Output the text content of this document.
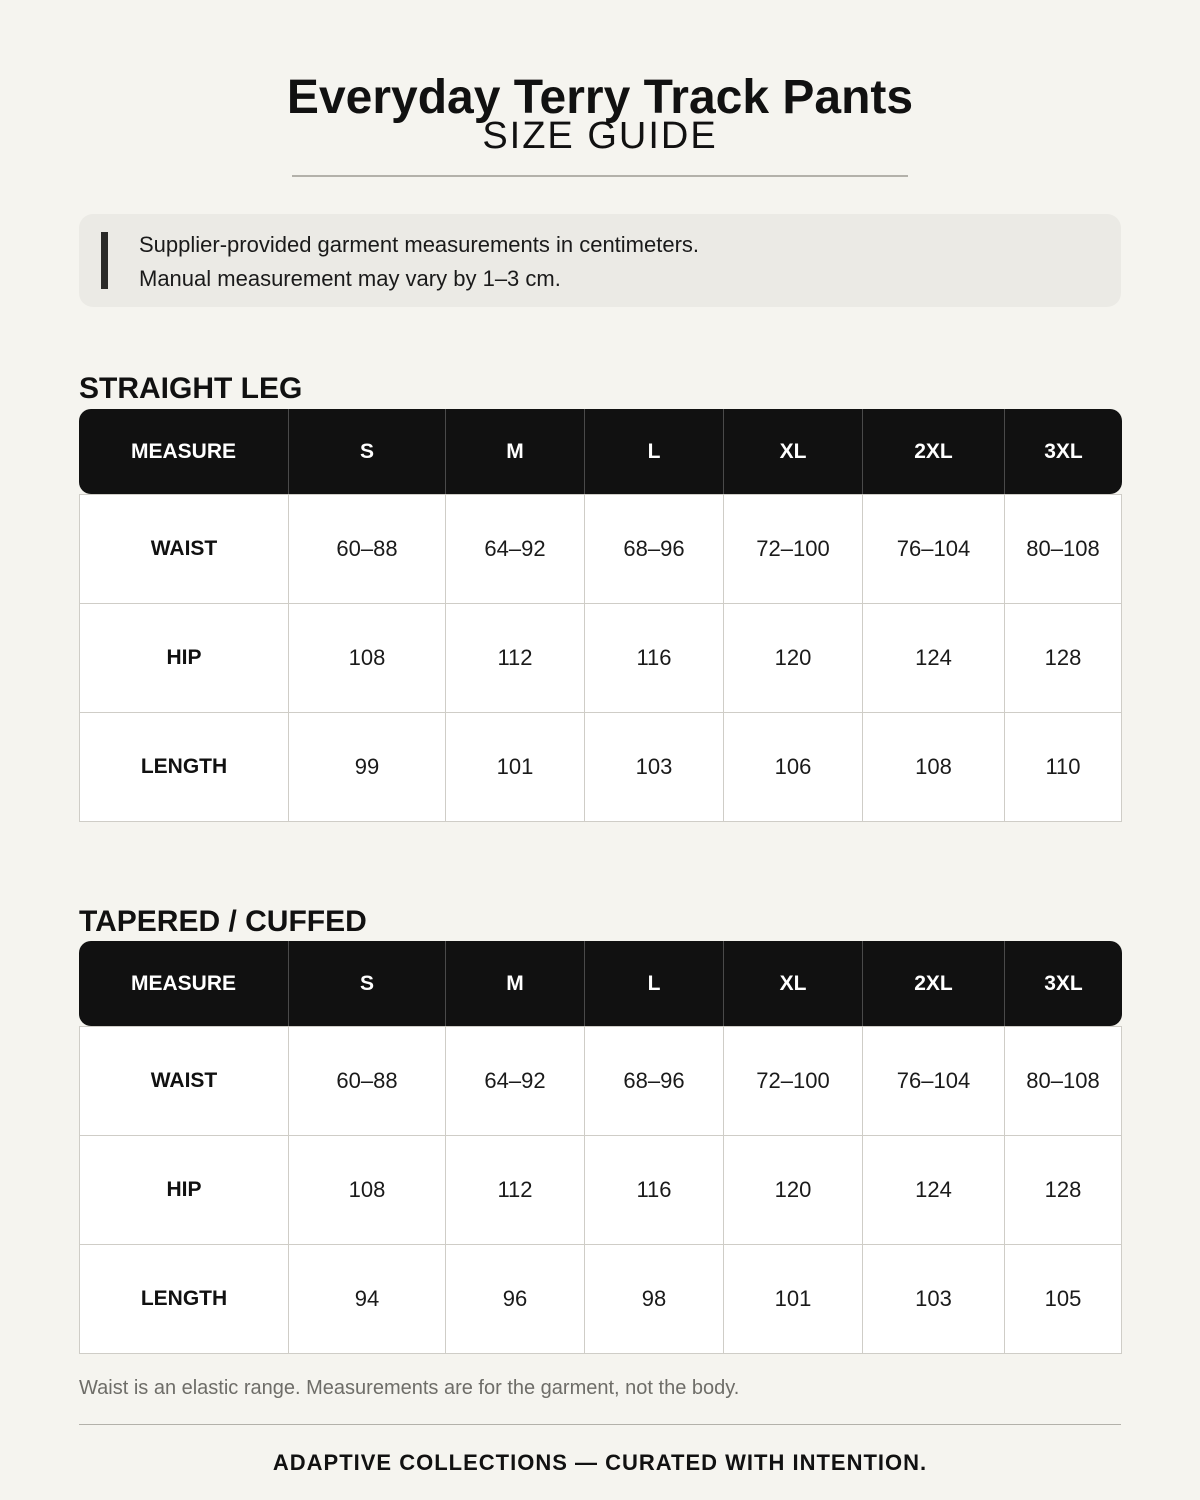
Everyday Terry Track Pants
SIZE GUIDE
Supplier-provided garment measurements in centimeters.
Manual measurement may vary by 1–3 cm.
STRAIGHT LEG
MEASURE	S	M	L	XL	2XL	3XL
WAIST	60–88	64–92	68–96	72–100	76–104	80–108
HIP	108	112	116	120	124	128
LENGTH	99	101	103	106	108	110
TAPERED / CUFFED
MEASURE	S	M	L	XL	2XL	3XL
WAIST	60–88	64–92	68–96	72–100	76–104	80–108
HIP	108	112	116	120	124	128
LENGTH	94	96	98	101	103	105
Waist is an elastic range. Measurements are for the garment, not the body.
ADAPTIVE COLLECTIONS — CURATED WITH INTENTION.
